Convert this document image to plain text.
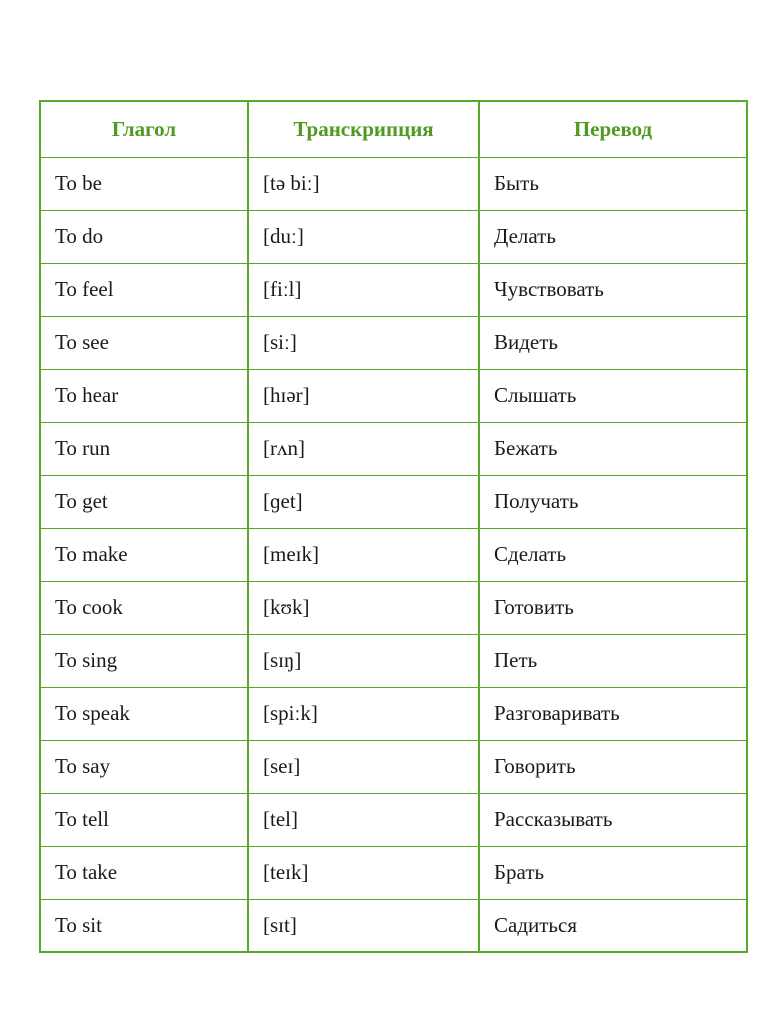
Глагол	Транскрипция	Перевод
To be	[tə biː]	Быть
To do	[duː]	Делать
To feel	[fiːl]	Чувствовать
To see	[siː]	Видеть
To hear	[hɪər]	Слышать
To run	[rʌn]	Бежать
To get	[ɡet]	Получать
To make	[meɪk]	Сделать
To cook	[kʊk]	Готовить
To sing	[sɪŋ]	Петь
To speak	[spiːk]	Разговаривать
To say	[seɪ]	Говорить
To tell	[tel]	Рассказывать
To take	[teɪk]	Брать
To sit	[sɪt]	Садиться
